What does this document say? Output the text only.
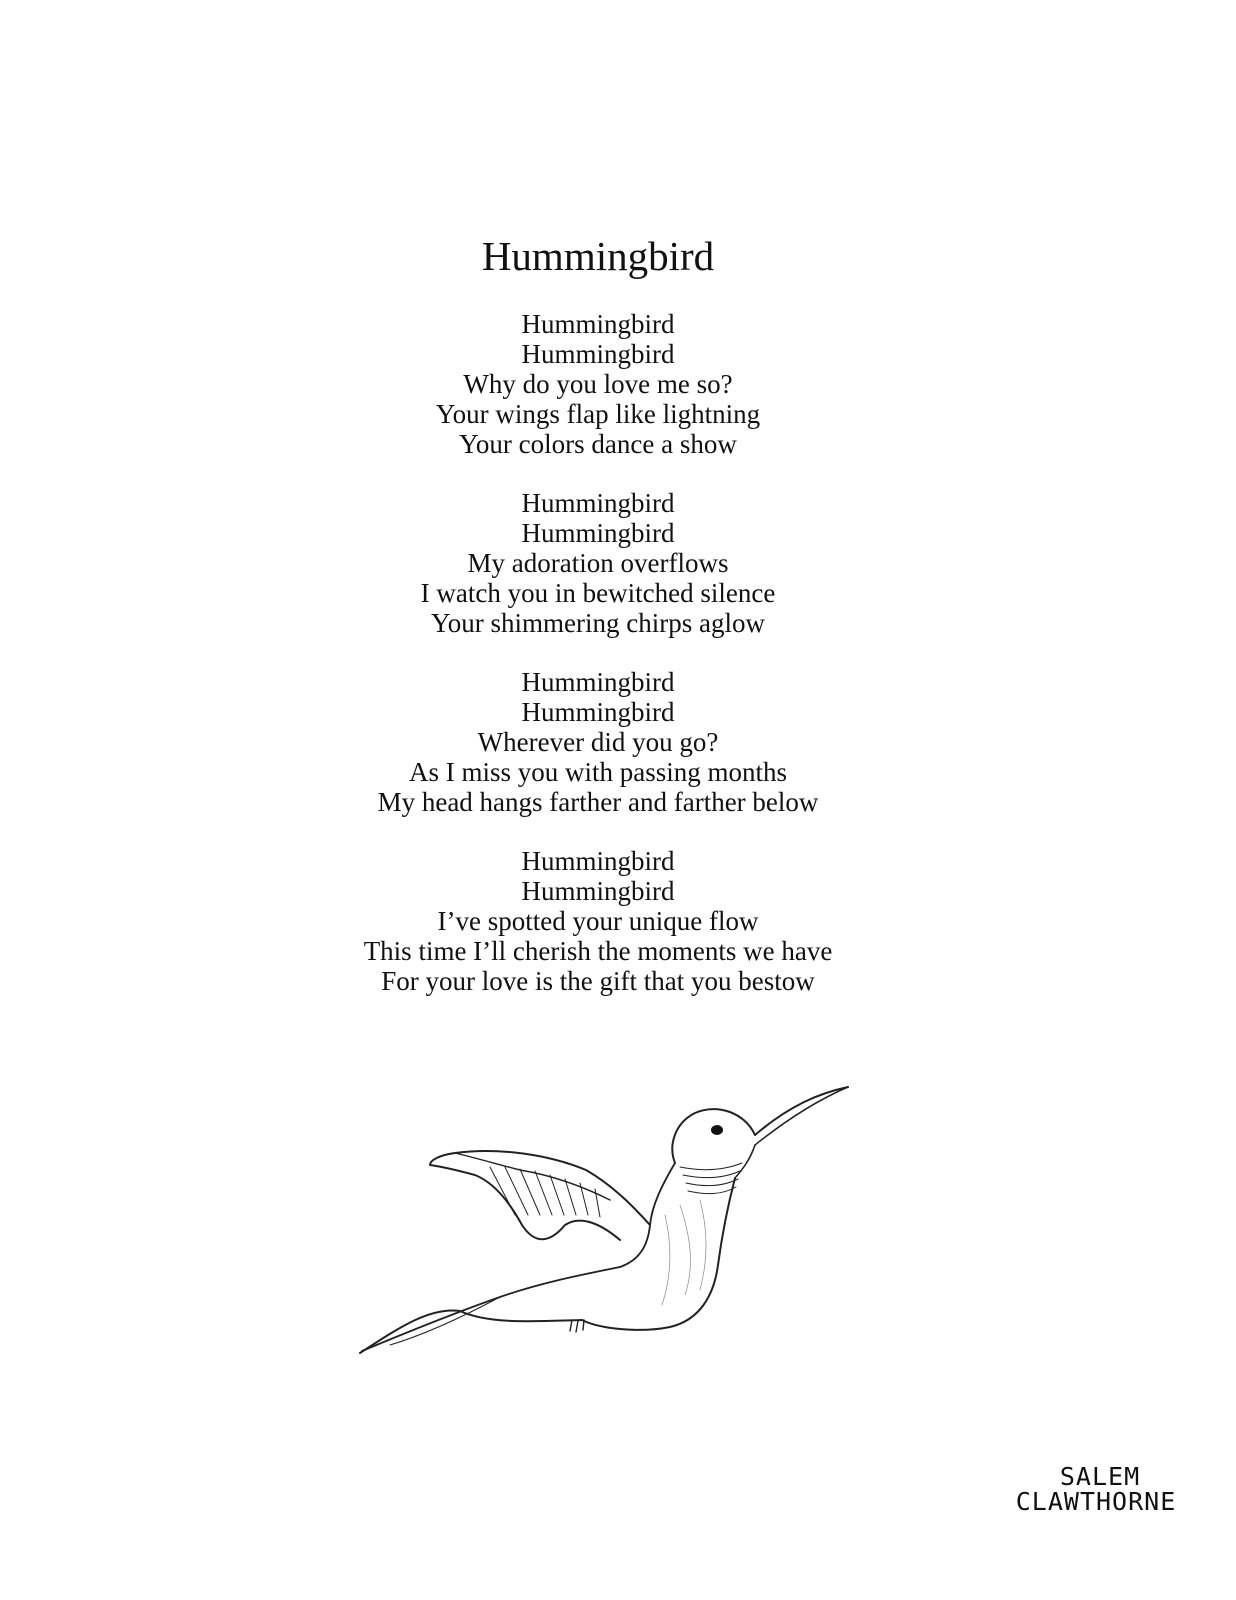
Hummingbird
Hummingbird
Hummingbird
Why do you love me so?
Your wings flap like lightning
Your colors dance a show
Hummingbird
Hummingbird
My adoration overflows
I watch you in bewitched silence
Your shimmering chirps aglow
Hummingbird
Hummingbird
Wherever did you go?
As I miss you with passing months
My head hangs farther and farther below
Hummingbird
Hummingbird
I’ve spotted your unique flow
This time I’ll cherish the moments we have
For your love is the gift that you bestow
SALEM
CLAWTHORNE
